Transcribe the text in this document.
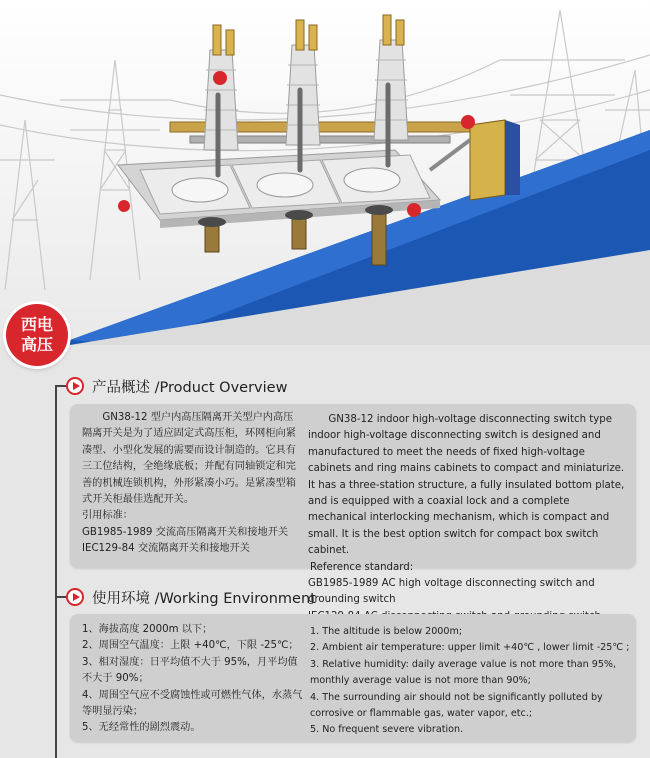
西电
高压
产品概述 /Product Overview

GN38-12 型户内高压隔离开关型户内高压隔离开关是为了适应固定式高压柜，环网柜向紧凑型、小型化发展的需要而设计制造的。它具有三工位结构，全绝缘底板；并配有同轴锁定和完善的机械连锁机构，外形紧凑小巧。是紧凑型箱式开关柜最佳选配开关。

引用标准：

GB1985-1989 交流高压隔离开关和接地开关

IEC129-84 交流隔离开关和接地开关

GN38-12 indoor high-voltage disconnecting switch type indoor high-voltage disconnecting switch is designed and manufactured to meet the needs of fixed high-voltage cabinets and ring mains cabinets to compact and miniaturize. It has a three-station structure, a fully insulated bottom plate, and is equipped with a coaxial lock and a complete mechanical interlocking mechanism, which is compact and small. It is the best option switch for compact box switch cabinet.

Reference standard:

GB1985-1989 AC high voltage disconnecting switch and grounding switch

使用环境 /Working Environment
1、海拔高度 2000m 以下；
2、周围空气温度：上限 +40℃，下限 -25℃；
3、相对湿度：日平均值不大于 95%，月平均值不大于 90%；
4、周围空气应不受腐蚀性或可燃性气体，水蒸气等明显污染；
5、无经常性的剧烈震动。
1. The altitude is below 2000m;
2. Ambient air temperature: upper limit +40℃ , lower limit -25℃ ;
3. Relative humidity: daily average value is not more than 95%, monthly average value is not more than 90%;
4. The surrounding air should not be significantly polluted by corrosive or flammable gas, water vapor, etc.;
5. No frequent severe vibration.
